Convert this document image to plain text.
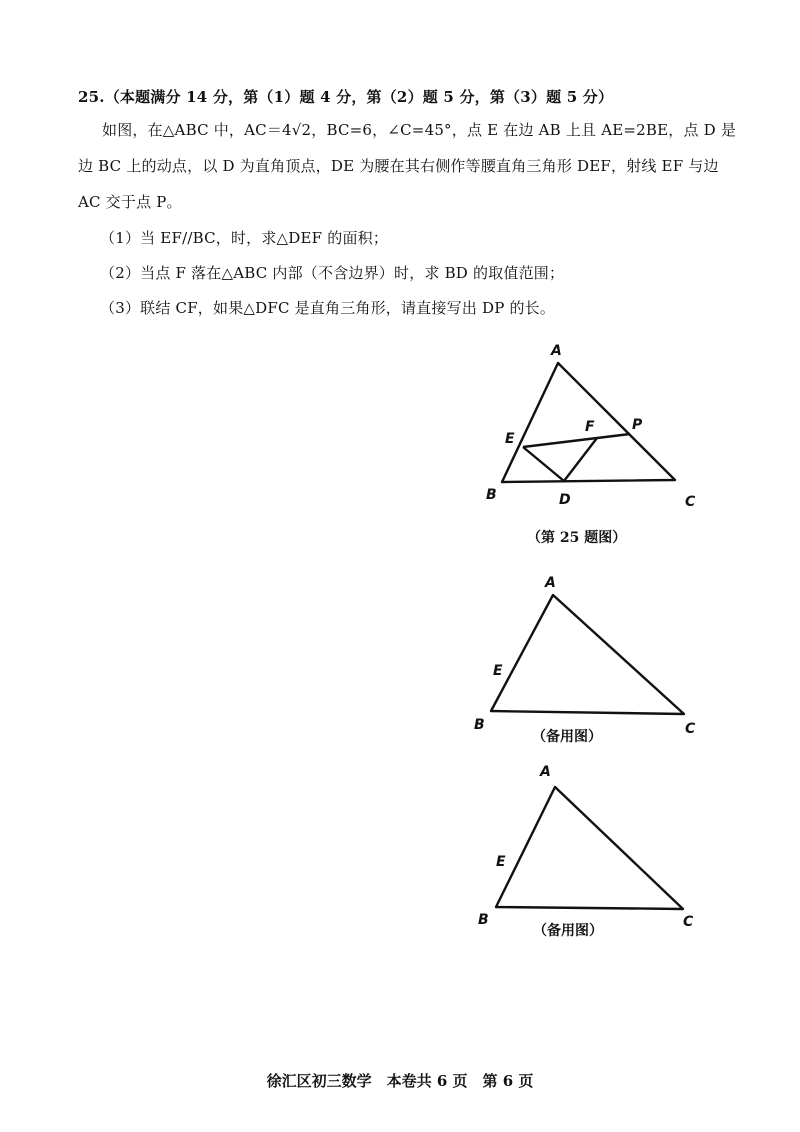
25.（本题满分 14 分，第（1）题 4 分，第（2）题 5 分，第（3）题 5 分）
如图，在△ABC 中，AC＝4√2，BC=6，∠C=45°，点 E 在边 AB 上且 AE=2BE，点 D 是
边 BC 上的动点，以 D 为直角顶点，DE 为腰在其右侧作等腰直角三角形 DEF，射线 EF 与边
AC 交于点 P。
（1）当 EF//BC，时，求△DEF 的面积；
（2）当点 F 落在△ABC 内部（不含边界）时，求 BD 的取值范围；
（3）联结 CF，如果△DFC 是直角三角形，请直接写出 DP 的长。
A
E
F	P
B	D	C
（第 25 题图）
A
E
B	C
（备用图）
A
E
B	C
（备用图）
徐汇区初三数学　本卷共 6 页　第 6 页
